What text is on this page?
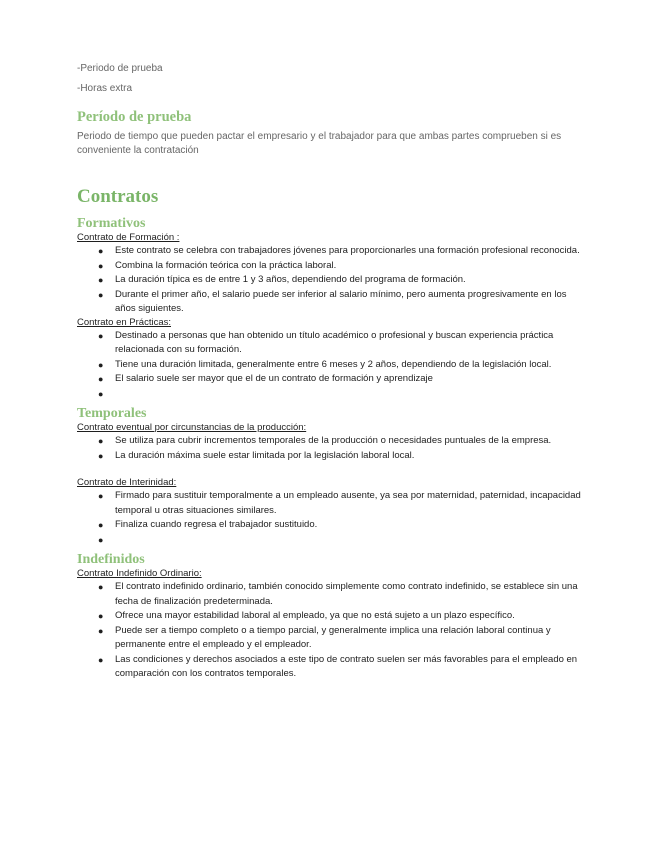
-Periodo de prueba

-Horas extra

Período de prueba

Periodo de tiempo que pueden pactar el empresario y el trabajador para que ambas partes comprueben si es conveniente la contratación

Contratos
Formativos

Contrato de Formación :

● Este contrato se celebra con trabajadores jóvenes para proporcionarles una formación profesional reconocida.
● Combina la formación teórica con la práctica laboral.
● La duración típica es de entre 1 y 3 años, dependiendo del programa de formación.
● Durante el primer año, el salario puede ser inferior al salario mínimo, pero aumenta progresivamente en los años siguientes.

Contrato en Prácticas:

● Destinado a personas que han obtenido un título académico o profesional y buscan experiencia práctica relacionada con su formación.
● Tiene una duración limitada, generalmente entre 6 meses y 2 años, dependiendo de la legislación local.
● El salario suele ser mayor que el de un contrato de formación y aprendizaje
●

Temporales

Contrato eventual por circunstancias de la producción:

● Se utiliza para cubrir incrementos temporales de la producción o necesidades puntuales de la empresa.
● La duración máxima suele estar limitada por la legislación laboral local.

Contrato de Interinidad:

● Firmado para sustituir temporalmente a un empleado ausente, ya sea por maternidad, paternidad, incapacidad temporal u otras situaciones similares.
● Finaliza cuando regresa el trabajador sustituido.
●

Indefinidos

Contrato Indefinido Ordinario:

● El contrato indefinido ordinario, también conocido simplemente como contrato indefinido, se establece sin una fecha de finalización predeterminada.
● Ofrece una mayor estabilidad laboral al empleado, ya que no está sujeto a un plazo específico.
● Puede ser a tiempo completo o a tiempo parcial, y generalmente implica una relación laboral continua y permanente entre el empleado y el empleador.
● Las condiciones y derechos asociados a este tipo de contrato suelen ser más favorables para el empleado en comparación con los contratos temporales.
